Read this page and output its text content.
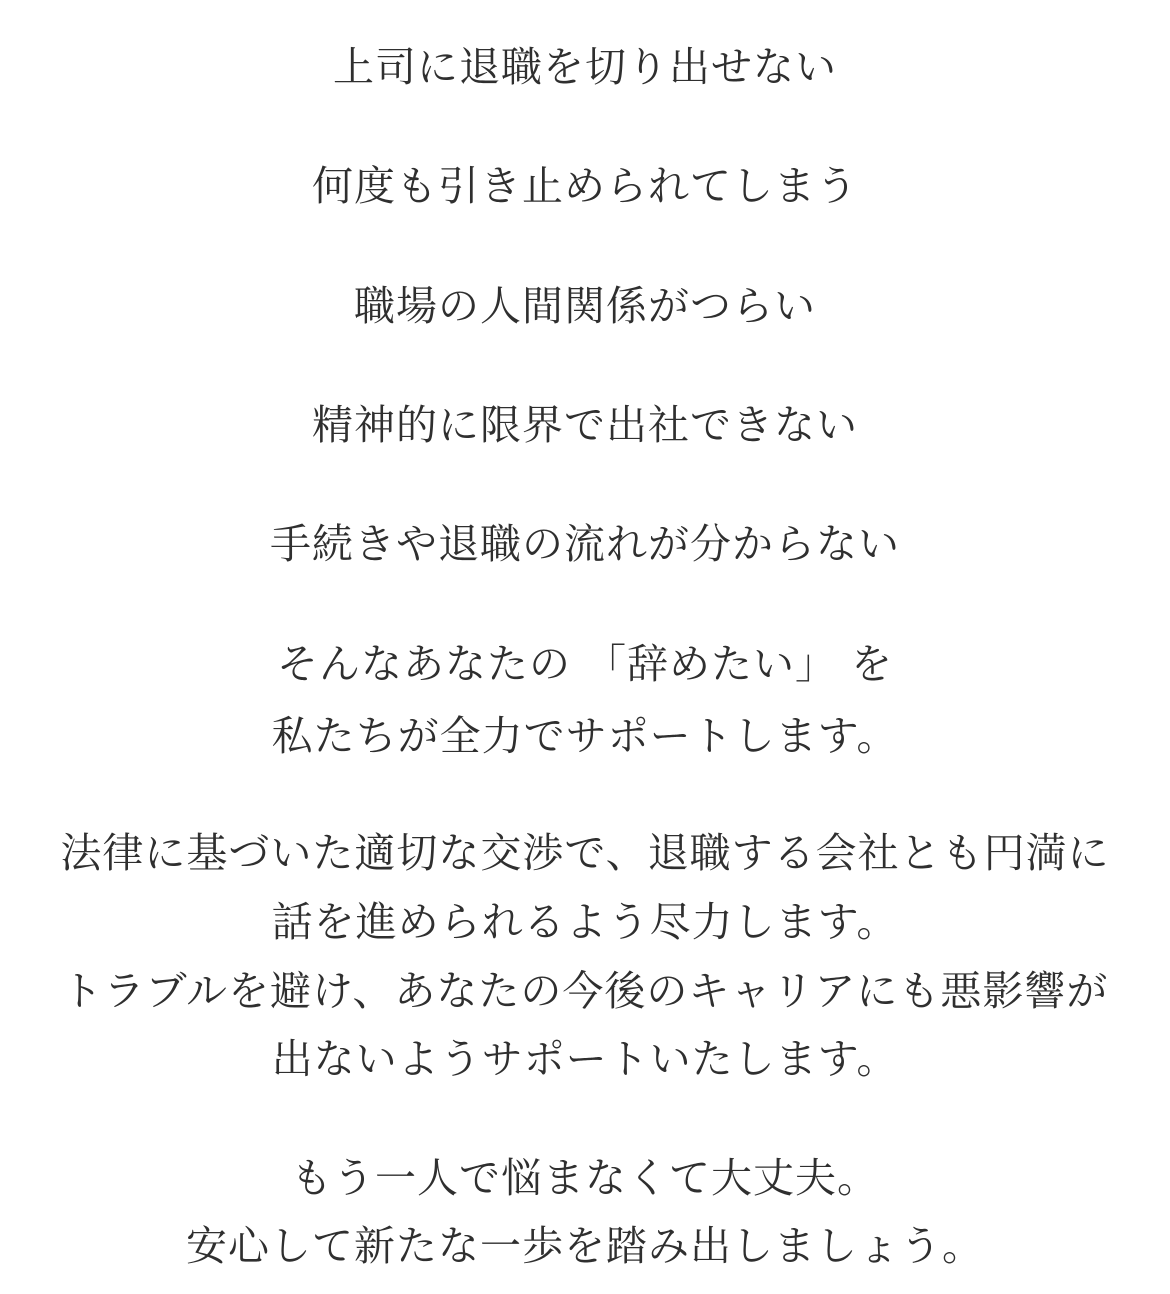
上司に退職を切り出せない
何度も引き止められてしまう
職場の人間関係がつらい
精神的に限界で出社できない
手続きや退職の流れが分からない
そんなあなたの 「辞めたい」 を
私たちが全力でサポートします。
法律に基づいた適切な交渉で、退職する会社とも円満に
話を進められるよう尽力します。
トラブルを避け、あなたの今後のキャリアにも悪影響が
出ないようサポートいたします。
もう一人で悩まなくて大丈夫。
安心して新たな一歩を踏み出しましょう。
